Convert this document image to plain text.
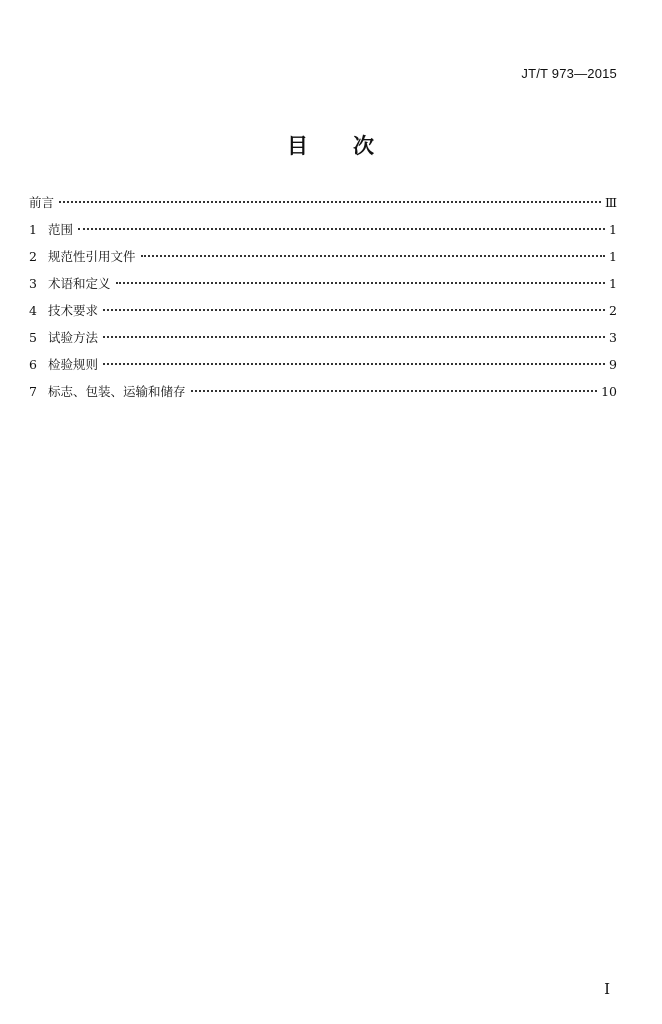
JT/T 973—2015
目　　次
前言	Ⅲ
1 范围	1
2 规范性引用文件	1
3 术语和定义	1
4 技术要求	2
5 试验方法	3
6 检验规则	9
7 标志、包装、运输和储存	10
I
